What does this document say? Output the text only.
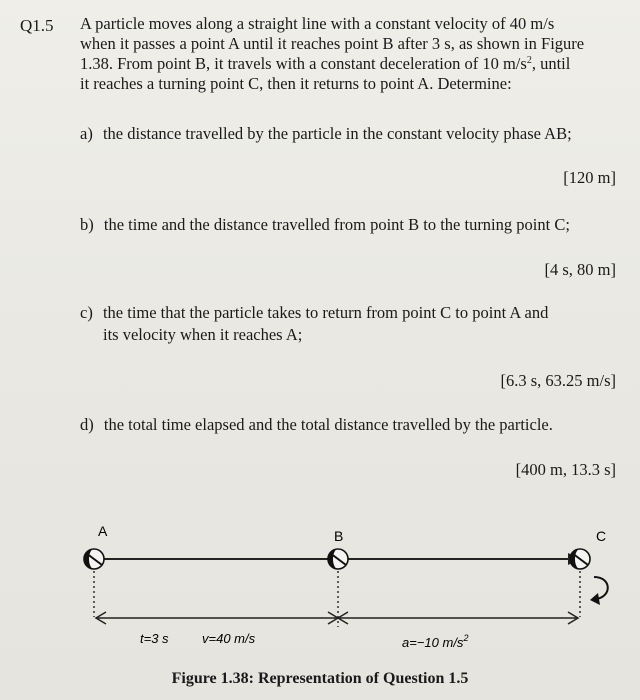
Q1.5 A particle moves along a straight line with a constant velocity of 40 m/s
when it passes a point A until it reaches point B after 3 s, as shown in Figure
1.38. From point B, it travels with a constant deceleration of 10 $m/s^2$, until
it reaches a turning point C, then it returns to point A. Determine:
a) the distance travelled by the particle in the constant velocity phase AB;
[120 m]
b) the time and the distance travelled from point B to the turning point C;
[4 s, 80 m]
c) the time that the particle takes to return from point C to point A and
its velocity when it reaches A;
[6.3 s, 63.25 m/s]
d) the total time elapsed and the total distance travelled by the particle.
[400 m, 13.3 s]
A	B	C
t=3 s	v=40 m/s	a=−10 $m/s^2$
Figure 1.38: Representation of Question 1.5
